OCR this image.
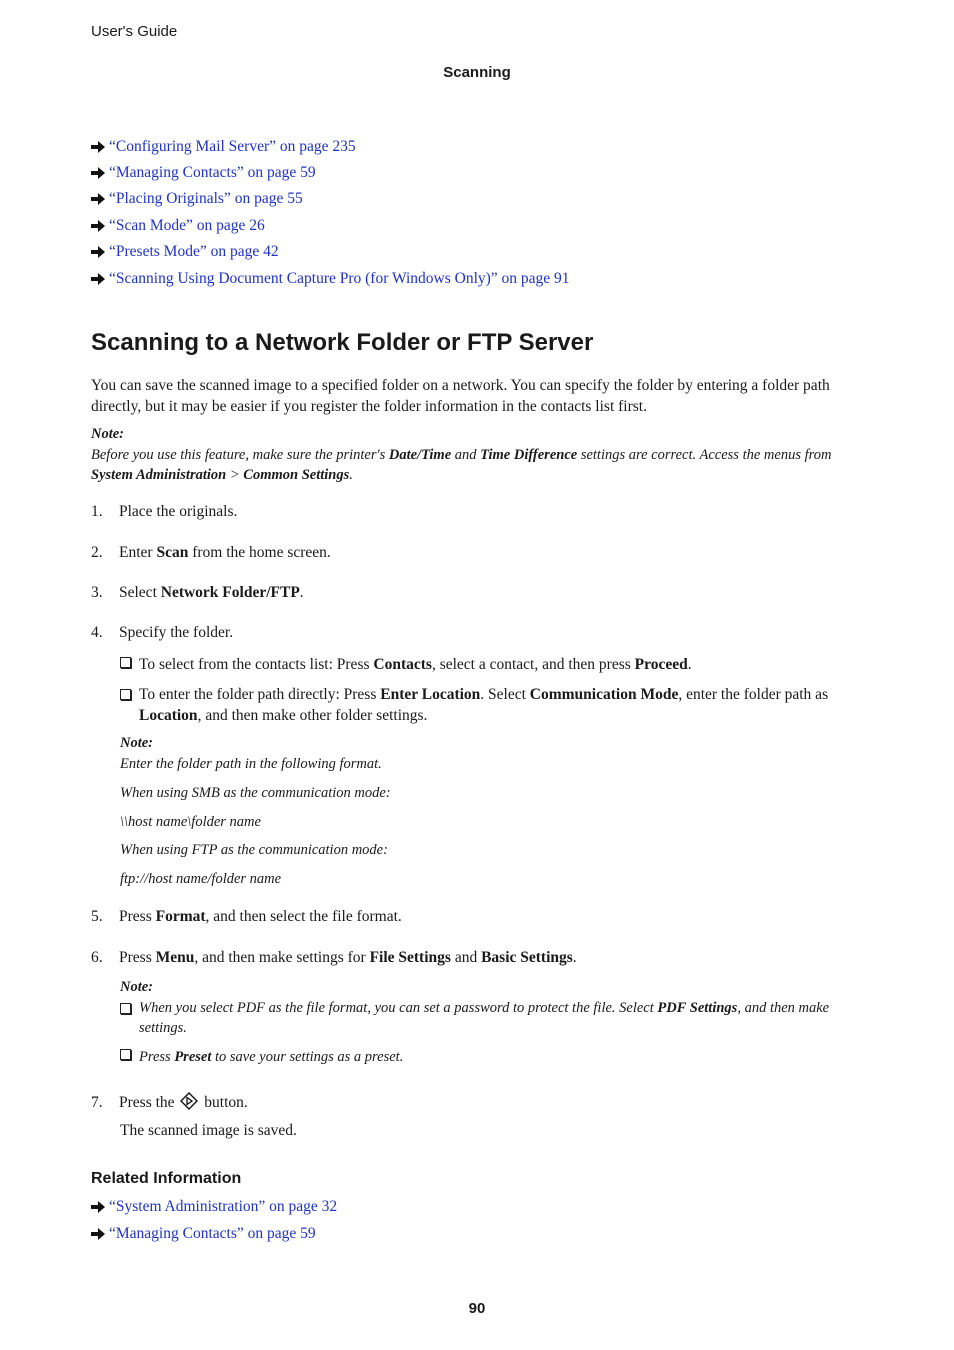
User's Guide
Scanning
“Configuring Mail Server” on page 235
“Managing Contacts” on page 59
“Placing Originals” on page 55
“Scan Mode” on page 26
“Presets Mode” on page 42
“Scanning Using Document Capture Pro (for Windows Only)” on page 91
Scanning to a Network Folder or FTP Server
You can save the scanned image to a specified folder on a network. You can specify the folder by entering a folder path directly, but it may be easier if you register the folder information in the contacts list first.
Note:
Before you use this feature, make sure the printer's Date/Time and Time Difference settings are correct. Access the menus from System Administration > Common Settings.
1. Place the originals.
2. Enter Scan from the home screen.
3. Select Network Folder/FTP.
4. Specify the folder.
To select from the contacts list: Press Contacts, select a contact, and then press Proceed.
To enter the folder path directly: Press Enter Location. Select Communication Mode, enter the folder path as Location, and then make other folder settings.
Note:
Enter the folder path in the following format.
When using SMB as the communication mode:
\\host name\folder name
When using FTP as the communication mode:
ftp://host name/folder name
5. Press Format, and then select the file format.
6. Press Menu, and then make settings for File Settings and Basic Settings.
Note:
When you select PDF as the file format, you can set a password to protect the file. Select PDF Settings, and then make settings.
Press Preset to save your settings as a preset.
7. Press the  button.
The scanned image is saved.
Related Information
“System Administration” on page 32
“Managing Contacts” on page 59
90
